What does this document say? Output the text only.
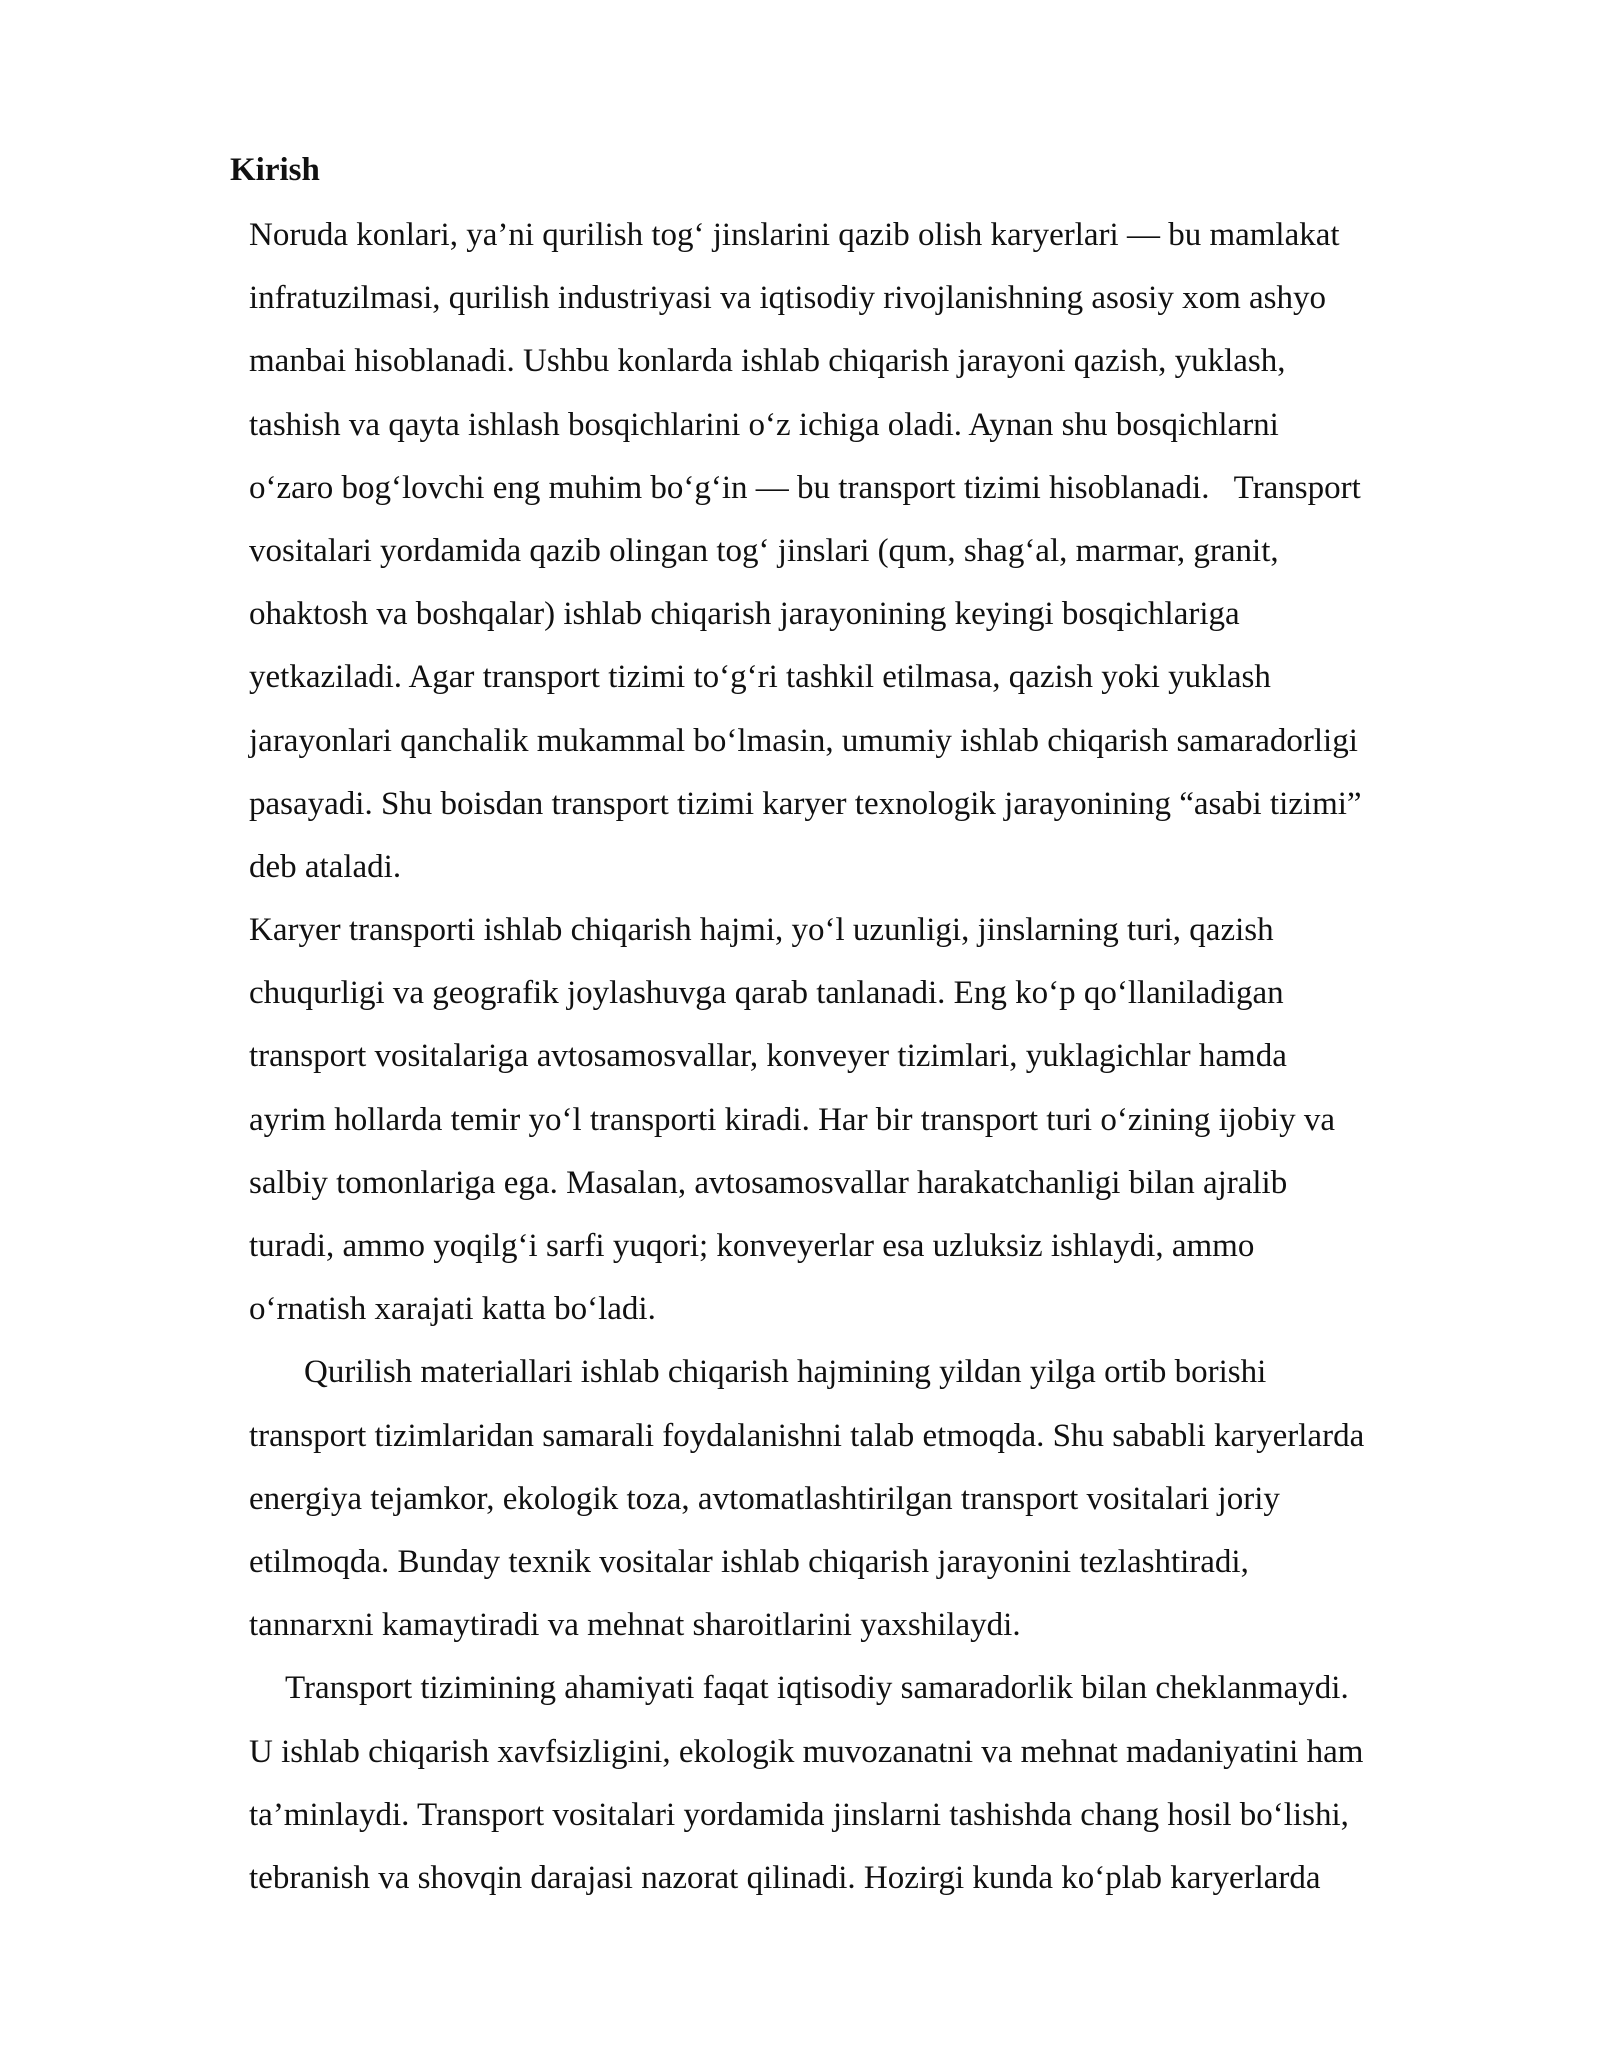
Kirish
Noruda konlari, ya’ni qurilish tog‘ jinslarini qazib olish karyerlari — bu mamlakat
infratuzilmasi, qurilish industriyasi va iqtisodiy rivojlanishning asosiy xom ashyo
manbai hisoblanadi. Ushbu konlarda ishlab chiqarish jarayoni qazish, yuklash,
tashish va qayta ishlash bosqichlarini o‘z ichiga oladi. Aynan shu bosqichlarni
o‘zaro bog‘lovchi eng muhim bo‘g‘in — bu transport tizimi hisoblanadi.   Transport
vositalari yordamida qazib olingan tog‘ jinslari (qum, shag‘al, marmar, granit,
ohaktosh va boshqalar) ishlab chiqarish jarayonining keyingi bosqichlariga
yetkaziladi. Agar transport tizimi to‘g‘ri tashkil etilmasa, qazish yoki yuklash
jarayonlari qanchalik mukammal bo‘lmasin, umumiy ishlab chiqarish samaradorligi
pasayadi. Shu boisdan transport tizimi karyer texnologik jarayonining “asabi tizimi”
deb ataladi.
Karyer transporti ishlab chiqarish hajmi, yo‘l uzunligi, jinslarning turi, qazish
chuqurligi va geografik joylashuvga qarab tanlanadi. Eng ko‘p qo‘llaniladigan
transport vositalariga avtosamosvallar, konveyer tizimlari, yuklagichlar hamda
ayrim hollarda temir yo‘l transporti kiradi. Har bir transport turi o‘zining ijobiy va
salbiy tomonlariga ega. Masalan, avtosamosvallar harakatchanligi bilan ajralib
turadi, ammo yoqilg‘i sarfi yuqori; konveyerlar esa uzluksiz ishlaydi, ammo
o‘rnatish xarajati katta bo‘ladi.
Qurilish materiallari ishlab chiqarish hajmining yildan yilga ortib borishi
transport tizimlaridan samarali foydalanishni talab etmoqda. Shu sababli karyerlarda
energiya tejamkor, ekologik toza, avtomatlashtirilgan transport vositalari joriy
etilmoqda. Bunday texnik vositalar ishlab chiqarish jarayonini tezlashtiradi,
tannarxni kamaytiradi va mehnat sharoitlarini yaxshilaydi.
Transport tizimining ahamiyati faqat iqtisodiy samaradorlik bilan cheklanmaydi.
U ishlab chiqarish xavfsizligini, ekologik muvozanatni va mehnat madaniyatini ham
ta’minlaydi. Transport vositalari yordamida jinslarni tashishda chang hosil bo‘lishi,
tebranish va shovqin darajasi nazorat qilinadi. Hozirgi kunda ko‘plab karyerlarda
